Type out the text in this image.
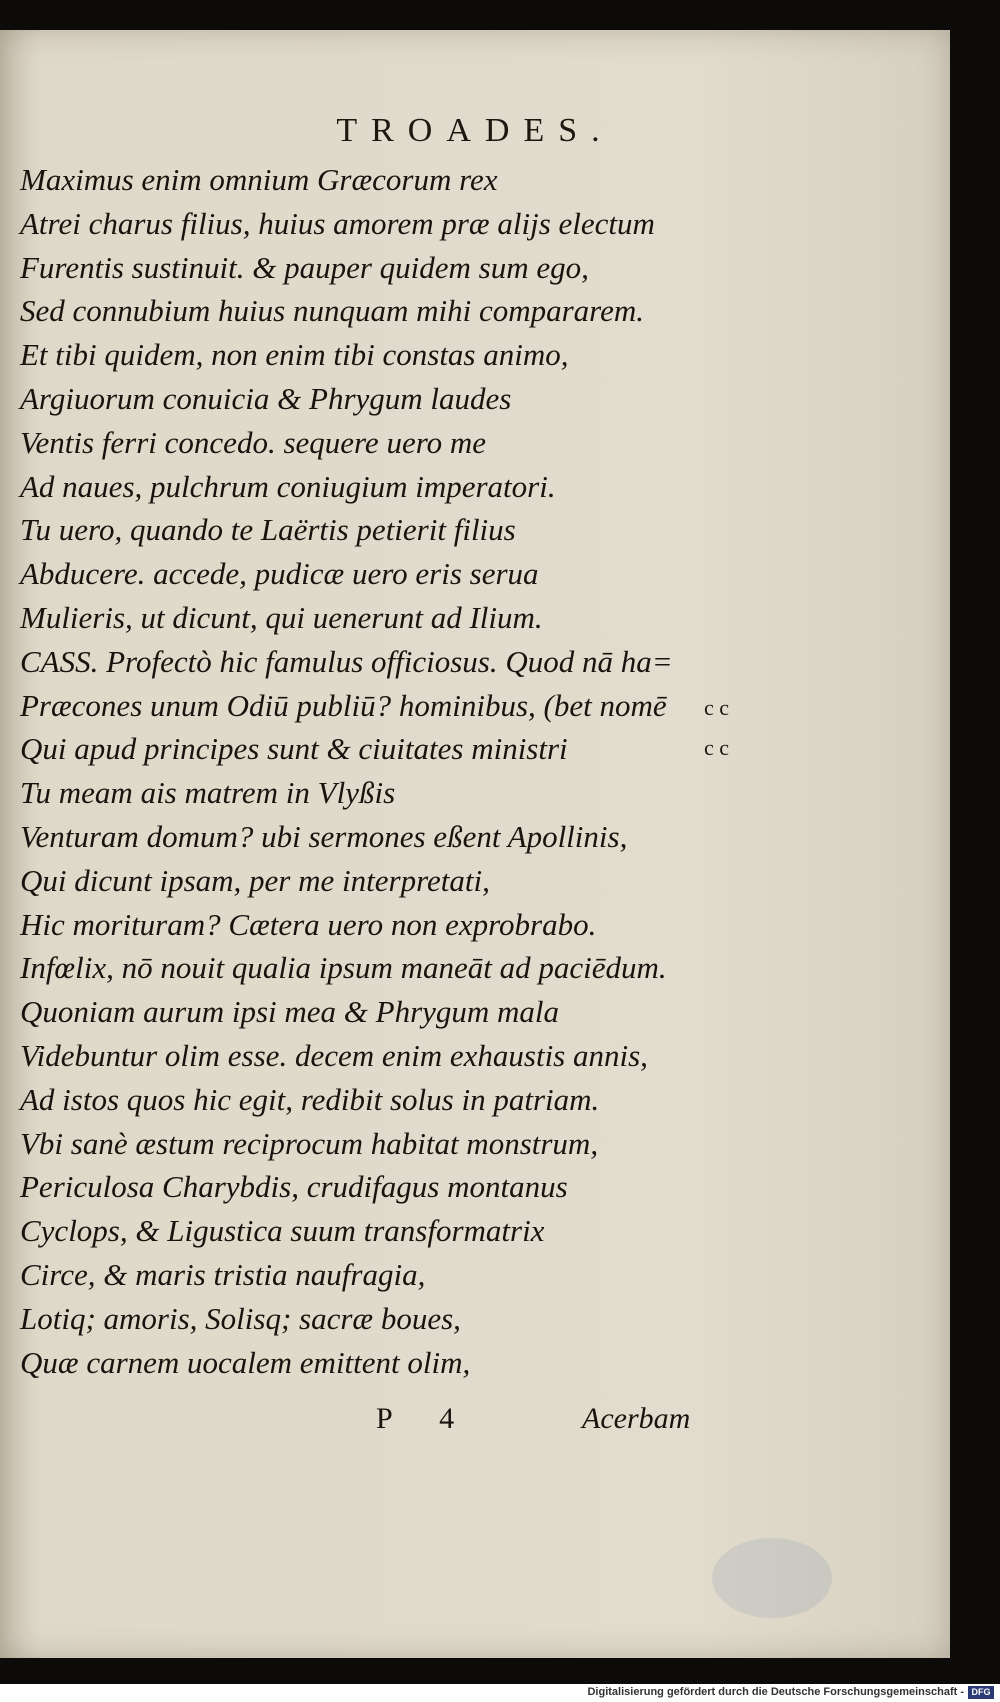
TROADES.
Maximus enim omnium Græcorum rex
Atrei charus filius, huius amorem præ alijs electum
Furentis sustinuit. & pauper quidem sum ego,
Sed connubium huius nunquam mihi compararem.
Et tibi quidem, non enim tibi constas animo,
Argiuorum conuicia & Phrygum laudes
Ventis ferri concedo. sequere uero me
Ad naues, pulchrum coniugium imperatori.
Tu uero, quando te Laërtis petierit filius
Abducere. accede, pudicæ uero eris serua
Mulieris, ut dicunt, qui uenerunt ad Ilium.
CASS. Profectò hic famulus officiosus. Quod nā ha=
Præcones unum Odiū publiū? hominibus, (bet nomē
Qui apud principes sunt & ciuitates ministri
Tu meam ais matrem in Vlyßis
Venturam domum? ubi sermones eßent Apollinis,
Qui dicunt ipsam, per me interpretati,
Hic morituram? Cætera uero non exprobrabo.
Infœlix, nō nouit qualia ipsum maneāt ad paciēdum.
Quoniam aurum ipsi mea & Phrygum mala
Videbuntur olim esse. decem enim exhaustis annis,
Ad istos quos hic egit, redibit solus in patriam.
Vbi sanè æstum reciprocum habitat monstrum,
Periculosa Charybdis, crudifagus montanus
Cyclops, & Ligustica suum transformatrix
Circe, & maris tristia naufragia,
Lotiq; amoris, Solisq; sacræ boues,
Quæ carnem uocalem emittent olim,
c c
c c
P 4	Acerbam
Digitalisierung gefördert durch die Deutsche Forschungsgemeinschaft - DFG
